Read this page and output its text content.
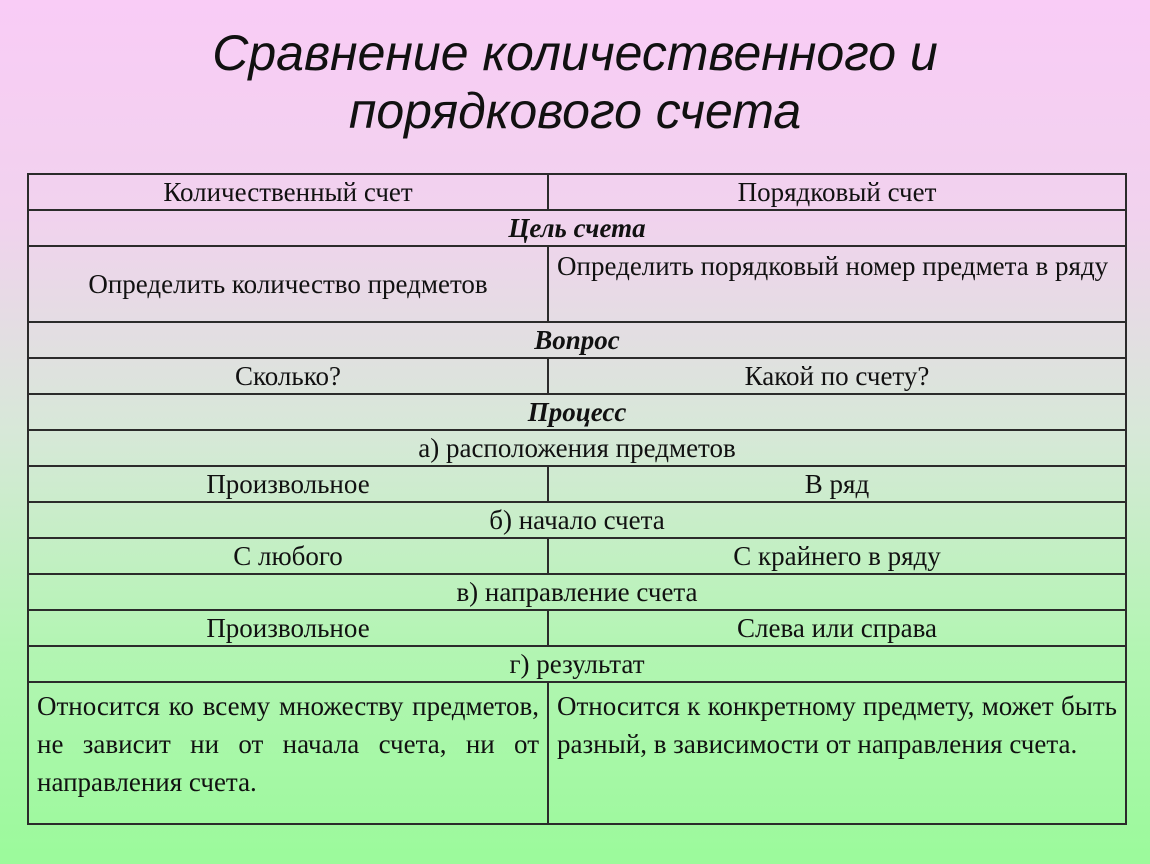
Сравнение количественного и
порядкового счета
Количественный счет	Порядковый счет
Цель счета	
Определить количество предметов	Определить порядковый номер предмета в ряду
Вопрос	
Сколько?	Какой по счету?
Процесс	
а) расположения предметов	
Произвольное	В ряд
б) начало счета	
С любого	С крайнего в ряду
в) направление счета	
Произвольное	Слева или справа
г) результат	
Относится ко всему множеству предметов, не зависит ни от начала счета, ни от направления счета.	Относится к конкретному предмету, может быть разный, в зависимости от направления счета.
